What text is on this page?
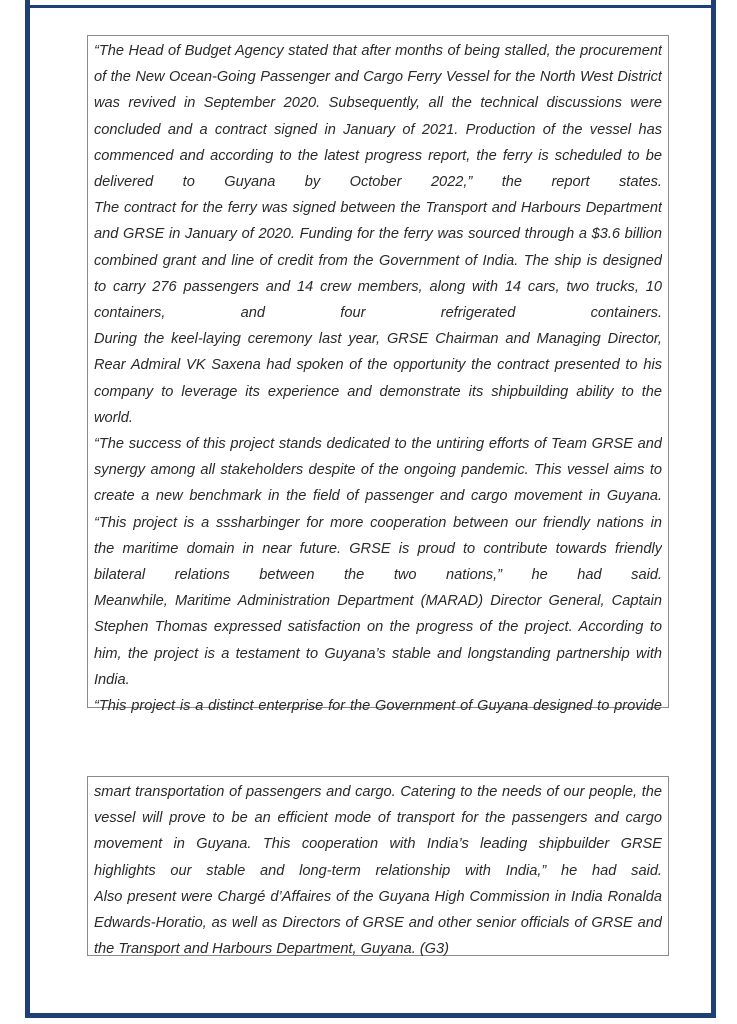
“The Head of Budget Agency stated that after months of being stalled, the procurement
of the New Ocean-Going Passenger and Cargo Ferry Vessel for the North West District
was revived in September 2020. Subsequently, all the technical discussions were
concluded and a contract signed in January of 2021. Production of the vessel has
commenced and according to the latest progress report, the ferry is scheduled to be
delivered to Guyana by October 2022,” the report states.
The contract for the ferry was signed between the Transport and Harbours Department
and GRSE in January of 2020. Funding for the ferry was sourced through a $3.6 billion
combined grant and line of credit from the Government of India. The ship is designed
to carry 276 passengers and 14 crew members, along with 14 cars, two trucks, 10
containers, and four refrigerated containers.
During the keel-laying ceremony last year, GRSE Chairman and Managing Director,
Rear Admiral VK Saxena had spoken of the opportunity the contract presented to his
company to leverage its experience and demonstrate its shipbuilding ability to the
world.
“The success of this project stands dedicated to the untiring efforts of Team GRSE and
synergy among all stakeholders despite of the ongoing pandemic. This vessel aims to
create a new benchmark in the field of passenger and cargo movement in Guyana.
“This project is a sssharbinger for more cooperation between our friendly nations in
the maritime domain in near future. GRSE is proud to contribute towards friendly
bilateral relations between the two nations,” he had said.
Meanwhile, Maritime Administration Department (MARAD) Director General, Captain
Stephen Thomas expressed satisfaction on the progress of the project. According to
him, the project is a testament to Guyana’s stable and longstanding partnership with
India.
“This project is a distinct enterprise for the Government of Guyana designed to provide
smart transportation of passengers and cargo. Catering to the needs of our people, the
vessel will prove to be an efficient mode of transport for the passengers and cargo
movement in Guyana. This cooperation with India’s leading shipbuilder GRSE
highlights our stable and long-term relationship with India,” he had said.
Also present were Chargé d’Affaires of the Guyana High Commission in India Ronalda
Edwards-Horatio, as well as Directors of GRSE and other senior officials of GRSE and
the Transport and Harbours Department, Guyana. (G3)
